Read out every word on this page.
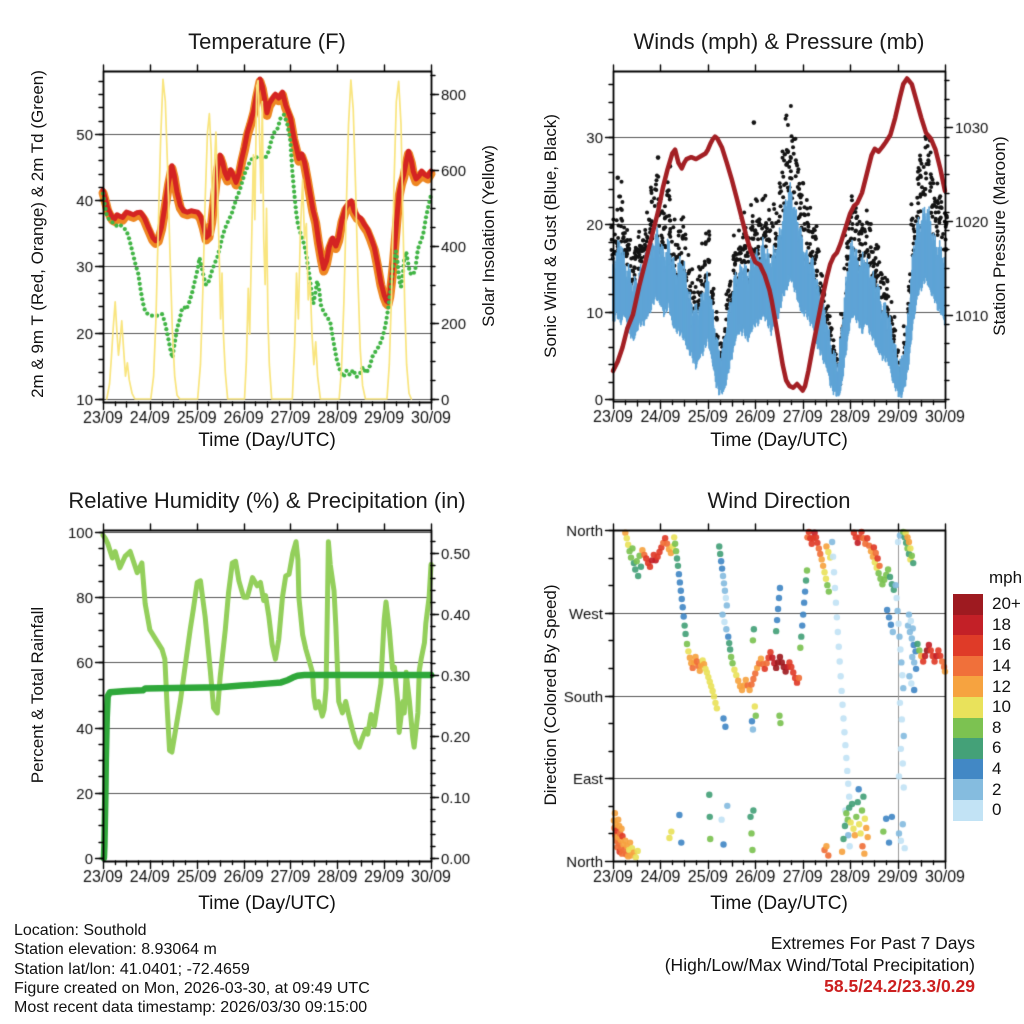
Temperature (F)	Winds (mph) & Pressure (mb)
Relative Humidity (%) & Precipitation (in)	Wind Direction
Time (Day/UTC)	Time (Day/UTC)
Time (Day/UTC)	Time (Day/UTC)
2m & 9m T (Red, Orange) & 2m Td (Green)	Solar Insolation (Yellow)	Sonic Wind & Gust (Blue, Black)	Station Pressure (Maroon)
Percent & Total Rainfall	Direction (Colored By Speed)
mph
20+
18
16
14
12
10
8
6
4
2
0
Location: Southold
Station elevation: 8.93064 m
Station lat/lon: 41.0401; -72.4659
Figure created on Mon, 2026-03-30, at 09:49 UTC
Most recent data timestamp: 2026/03/30 09:15:00
Extremes For Past 7 Days
(High/Low/Max Wind/Total Precipitation)
58.5/24.2/23.3/0.29
